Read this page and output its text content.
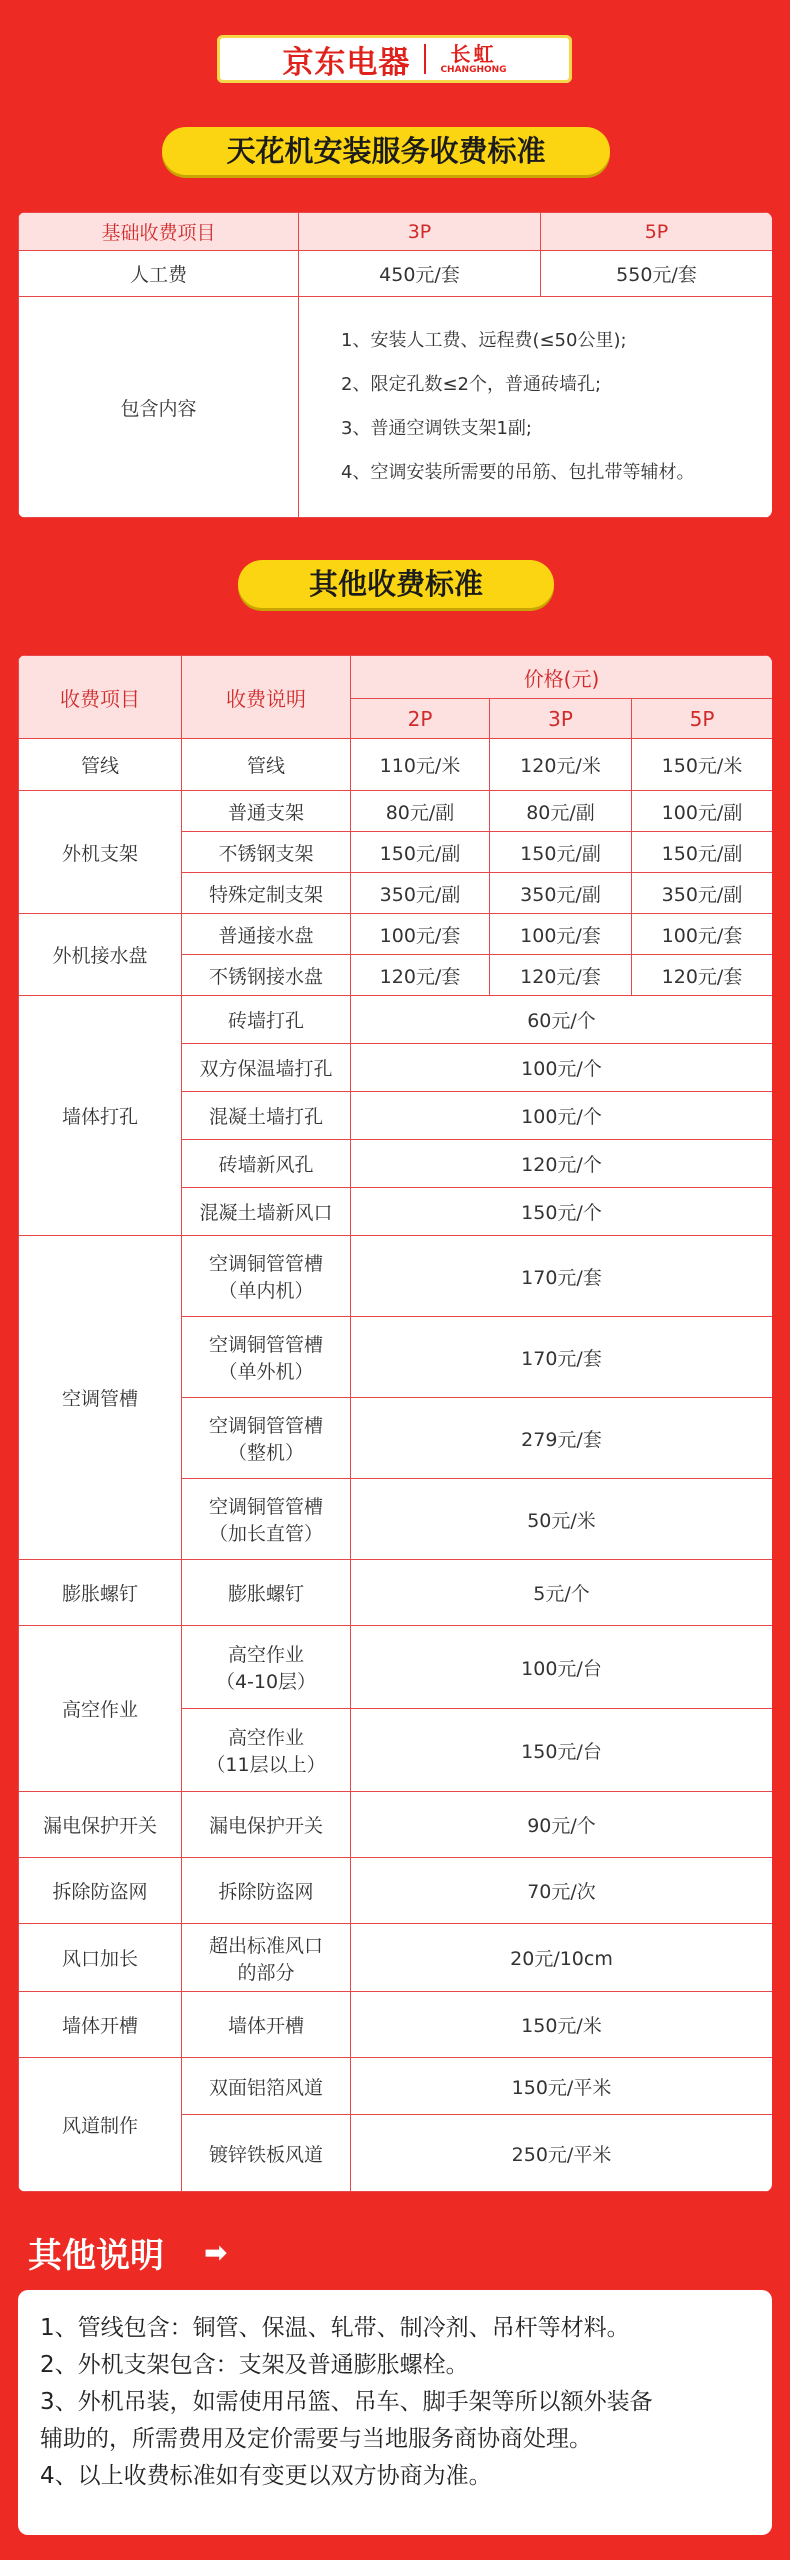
京东电器 长虹
CHANGHONG
天花机安装服务收费标准
基础收费项目	3P	5P
人工费	450元/套	550元/套
包含内容	1、安装人工费、远程费(≤50公里);
2、限定孔数≤2个，普通砖墙孔;
3、普通空调铁支架1副;
4、空调安装所需要的吊筋、包扎带等辅材。	
其他收费标准
收费项目	收费说明	价格(元)		
		2P	3P	5P
管线	管线	110元/米	120元/米	150元/米
外机支架	普通支架	80元/副	80元/副	100元/副
	不锈钢支架	150元/副	150元/副	150元/副
	特殊定制支架	350元/副	350元/副	350元/副
外机接水盘	普通接水盘	100元/套	100元/套	100元/套
	不锈钢接水盘	120元/套	120元/套	120元/套
墙体打孔	砖墙打孔	60元/个		
	双方保温墙打孔	100元/个		
	混凝土墙打孔	100元/个		
	砖墙新风孔	120元/个		
	混凝土墙新风口	150元/个		
空调管槽	空调铜管管槽
（单内机）	170元/套		

	空调铜管管槽
（单外机）	170元/套		

	空调铜管管槽
（整机）	279元/套		

	空调铜管管槽
（加长直管）	50元/米		
膨胀螺钉	膨胀螺钉	5元/个		
高空作业	高空作业
（4-10层）	100元/台		

	高空作业
（11层以上）	150元/台		
漏电保护开关	漏电保护开关	90元/个		
拆除防盗网	拆除防盗网	70元/次		
风口加长	超出标准风口
的部分	20元/10cm		
墙体开槽	墙体开槽	150元/米		
风道制作	双面铝箔风道	150元/平米		
	镀锌铁板风道	250元/平米		
其他说明 ➡
1、管线包含：铜管、保温、轧带、制冷剂、吊杆等材料。
2、外机支架包含：支架及普通膨胀螺栓。
3、外机吊装，如需使用吊篮、吊车、脚手架等所以额外装备
辅助的，所需费用及定价需要与当地服务商协商处理。
4、以上收费标准如有变更以双方协商为准。
